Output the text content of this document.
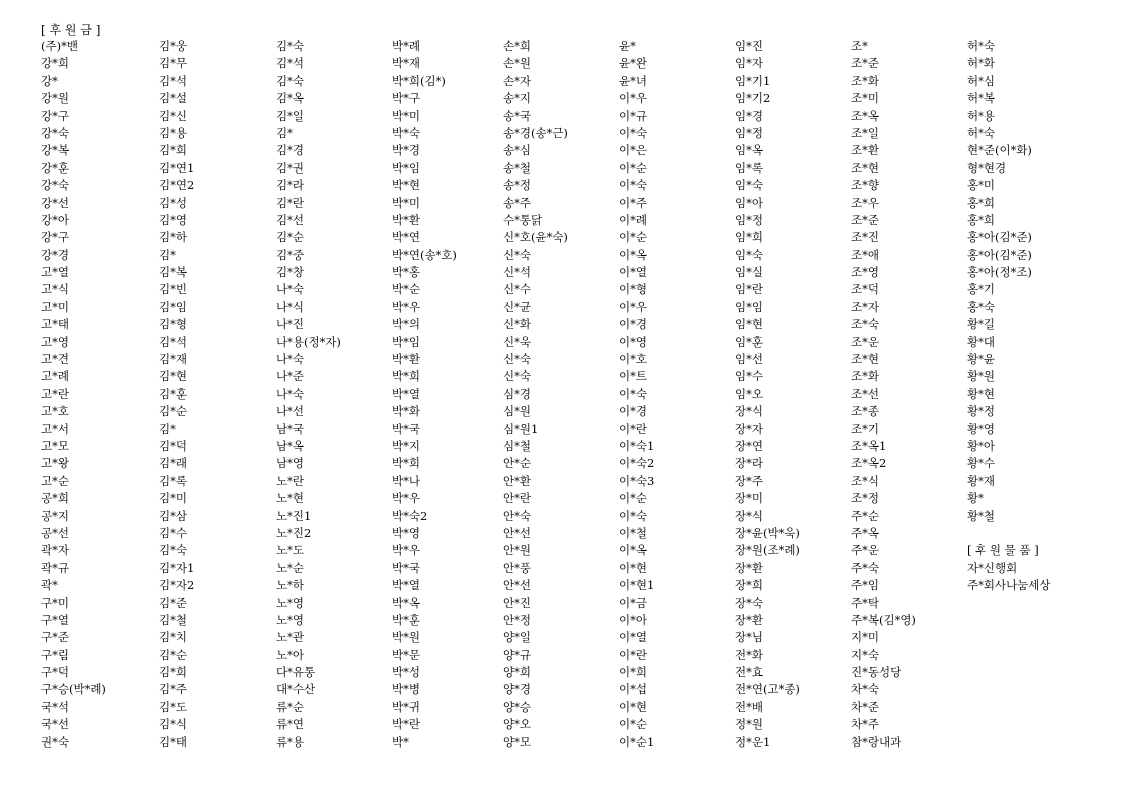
[ 후 원 금 ]
(주)*밴
강*희
강*
강*원
강*구
강*숙
강*복
강*훈
강*숙
강*선
강*아
강*구
강*경
고*열
고*식
고*미
고*태
고*영
고*견
고*례
고*란
고*호
고*서
고*모
고*왕
고*순
공*희
공*지
공*선
곽*자
곽*규
곽*
구*미
구*열
구*준
구*림
구*덕
구*승(박*례)
국*석
국*선
권*숙
김*웅
김*무
김*석
김*설
김*신
김*용
김*희
김*연1
김*연2
김*성
김*영
김*하
김*
김*복
김*빈
김*임
김*형
김*석
김*재
김*현
김*훈
김*순
김*
김*덕
김*래
김*록
김*미
김*삼
김*수
김*숙
김*자1
김*자2
김*준
김*철
김*치
김*순
김*희
김*주
김*도
김*식
김*태
김*숙
김*석
김*숙
김*옥
김*일
김*
김*경
김*권
김*라
김*란
김*선
김*순
김*중
김*창
나*숙
나*식
나*진
나*용(정*자)
나*숙
나*준
나*숙
나*선
남*국
남*옥
남*영
노*란
노*현
노*진1
노*진2
노*도
노*순
노*하
노*영
노*영
노*관
노*아
다*유통
대*수산
류*순
류*연
류*용
박*례
박*재
박*희(김*)
박*구
박*미
박*숙
박*경
박*임
박*현
박*미
박*환
박*연
박*연(송*호)
박*홍
박*순
박*우
박*의
박*임
박*환
박*희
박*열
박*화
박*국
박*지
박*희
박*나
박*우
박*숙2
박*영
박*우
박*국
박*열
박*옥
박*훈
박*원
박*문
박*성
박*병
박*귀
박*란
박*
손*희
손*원
손*자
송*지
송*국
송*경(송*근)
송*심
송*철
송*정
송*주
수*통닭
신*호(윤*숙)
신*숙
신*석
신*수
신*균
신*화
신*욱
신*숙
신*숙
심*경
심*원
심*원1
심*철
안*순
안*환
안*란
안*숙
안*선
안*원
안*풍
안*선
안*진
안*정
양*일
양*규
양*희
양*경
양*승
양*오
양*모
윤*
윤*완
윤*녀
이*우
이*규
이*숙
이*은
이*순
이*숙
이*주
이*례
이*순
이*옥
이*열
이*형
이*우
이*경
이*영
이*호
이*트
이*숙
이*경
이*란
이*숙1
이*숙2
이*숙3
이*순
이*숙
이*철
이*옥
이*현
이*현1
이*금
이*아
이*열
이*란
이*희
이*섭
이*현
이*순
이*순1
임*진
임*자
임*기1
임*기2
임*경
임*정
임*옥
임*록
임*숙
임*아
임*정
임*희
임*숙
임*실
임*란
임*임
임*현
임*훈
임*선
임*수
임*오
장*식
장*자
장*연
장*라
장*주
장*미
장*식
장*윤(박*욱)
장*원(조*례)
장*환
장*희
장*숙
장*환
장*님
전*화
전*효
전*연(고*종)
전*배
정*원
정*운1
조*
조*준
조*화
조*미
조*옥
조*일
조*환
조*현
조*향
조*우
조*준
조*진
조*애
조*영
조*덕
조*자
조*숙
조*운
조*현
조*화
조*선
조*종
조*기
조*옥1
조*옥2
조*식
조*정
주*순
주*옥
주*운
주*숙
주*임
주*탁
주*복(김*영)
지*미
지*숙
진*동성당
차*숙
차*준
차*주
참*랑내과
허*숙
허*화
허*심
허*복
허*용
허*숙
현*준(이*화)
형*현경
홍*미
홍*희
홍*희
홍*아(김*준)
홍*아(김*준)
홍*아(정*조)
홍*기
홍*숙
황*길
황*대
황*윤
황*원
황*현
황*정
황*영
황*아
황*수
황*재
황*
황*철
[ 후 원 물 품 ]
자*신행회
주*회사나눔세상
